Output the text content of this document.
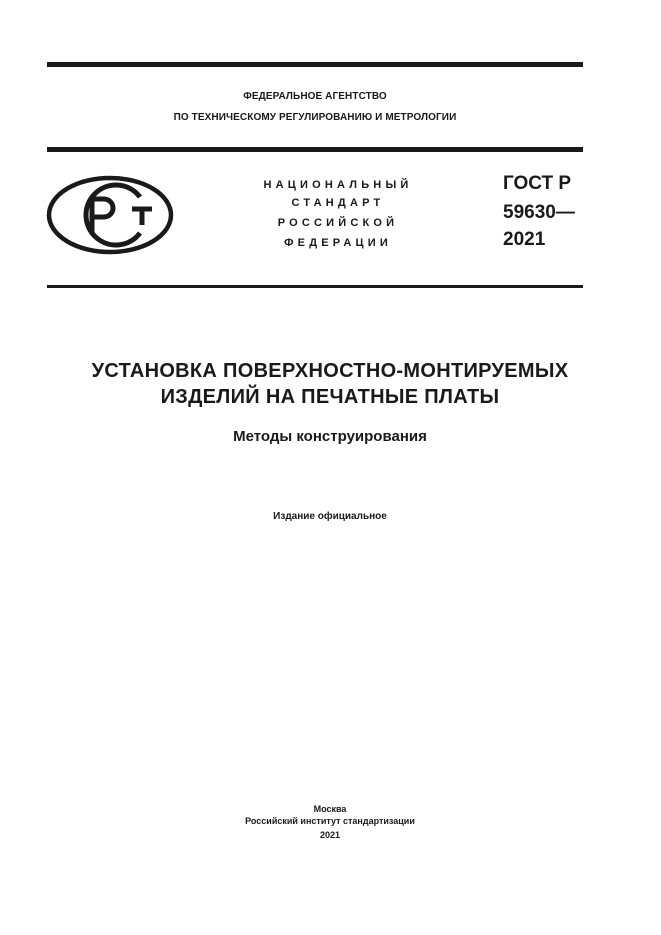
ФЕДЕРАЛЬНОЕ АГЕНТСТВО
ПО ТЕХНИЧЕСКОМУ РЕГУЛИРОВАНИЮ И МЕТРОЛОГИИ
НАЦИОНАЛЬНЫЙ
СТАНДАРТ
РОССИЙСКОЙ
ФЕДЕРАЦИИ
ГОСТ Р
59630—
2021
УСТАНОВКА ПОВЕРХНОСТНО-МОНТИРУЕМЫХ
ИЗДЕЛИЙ НА ПЕЧАТНЫЕ ПЛАТЫ
Методы конструирования
Издание официальное
Москва
Российский институт стандартизации
2021
